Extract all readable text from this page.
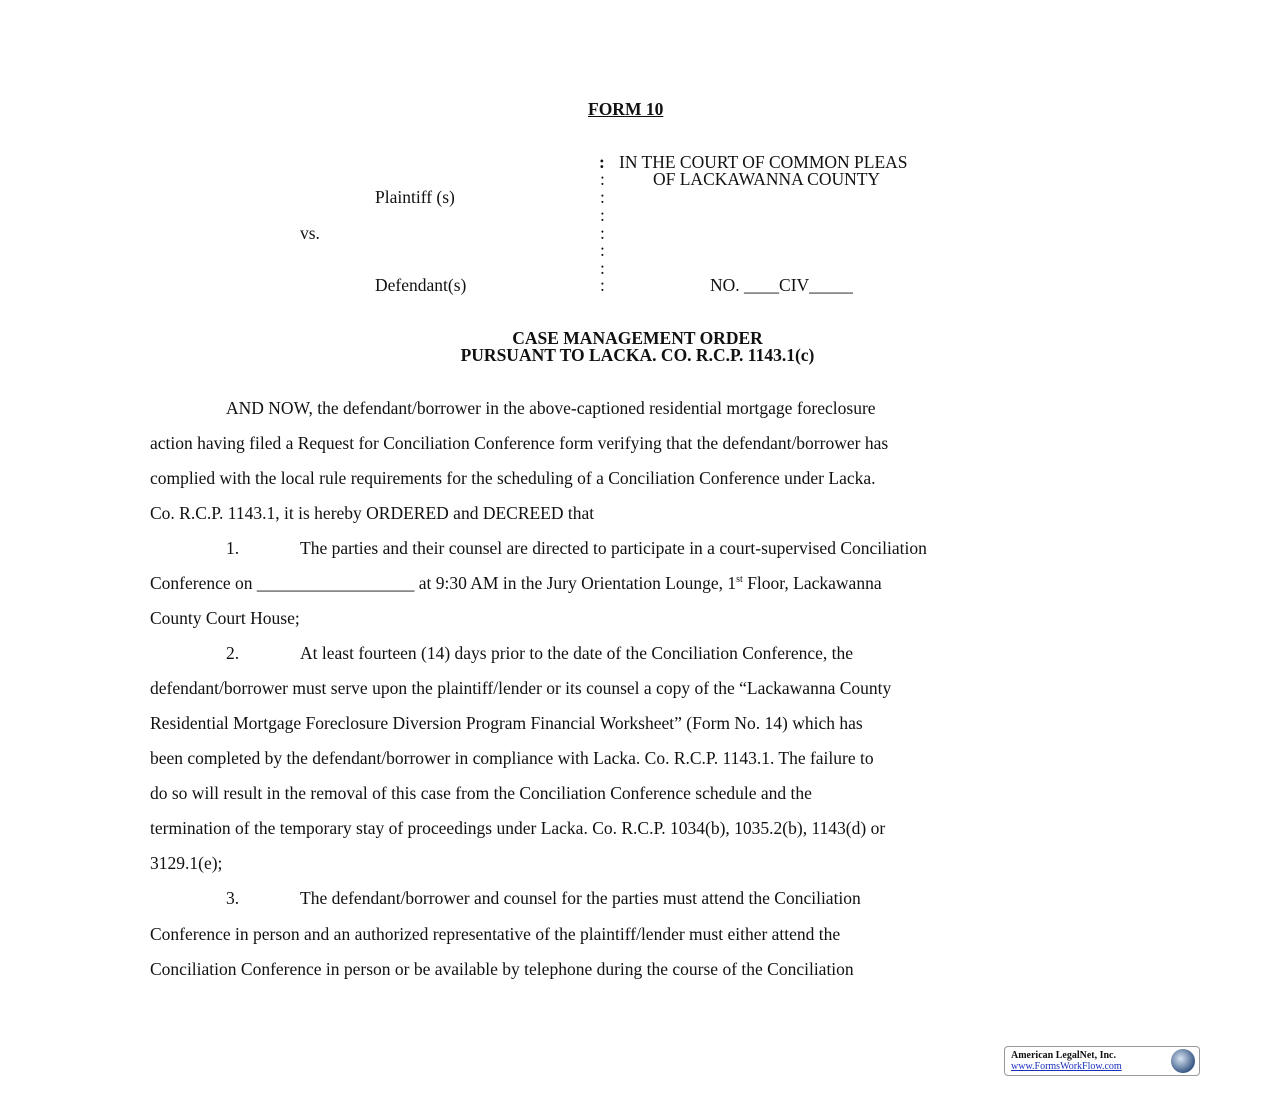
FORM 10
: IN THE COURT OF COMMON PLEAS
:	OF LACKAWANNA COUNTY
Plaintiff (s)	:
:
vs.	:
:
:
Defendant(s)	:	NO. ____CIV_____
CASE MANAGEMENT ORDER
PURSUANT TO LACKA. CO. R.C.P. 1143.1(c)
AND NOW, the defendant/borrower in the above-captioned residential mortgage foreclosure
action having filed a Request for Conciliation Conference form verifying that the defendant/borrower has
complied with the local rule requirements for the scheduling of a Conciliation Conference under Lacka.
Co. R.C.P. 1143.1, it is hereby ORDERED and DECREED that
1.	The parties and their counsel are directed to participate in a court-supervised Conciliation
Conference on __________________ at 9:30 AM in the Jury Orientation Lounge, 1st Floor, Lackawanna
County Court House;
2.	At least fourteen (14) days prior to the date of the Conciliation Conference, the
defendant/borrower must serve upon the plaintiff/lender or its counsel a copy of the “Lackawanna County
Residential Mortgage Foreclosure Diversion Program Financial Worksheet” (Form No. 14) which has
been completed by the defendant/borrower in compliance with Lacka. Co. R.C.P. 1143.1. The failure to
do so will result in the removal of this case from the Conciliation Conference schedule and the
termination of the temporary stay of proceedings under Lacka. Co. R.C.P. 1034(b), 1035.2(b), 1143(d) or
3129.1(e);
3.	The defendant/borrower and counsel for the parties must attend the Conciliation
Conference in person and an authorized representative of the plaintiff/lender must either attend the
Conciliation Conference in person or be available by telephone during the course of the Conciliation
American LegalNet, Inc.
www.FormsWorkFlow.com
